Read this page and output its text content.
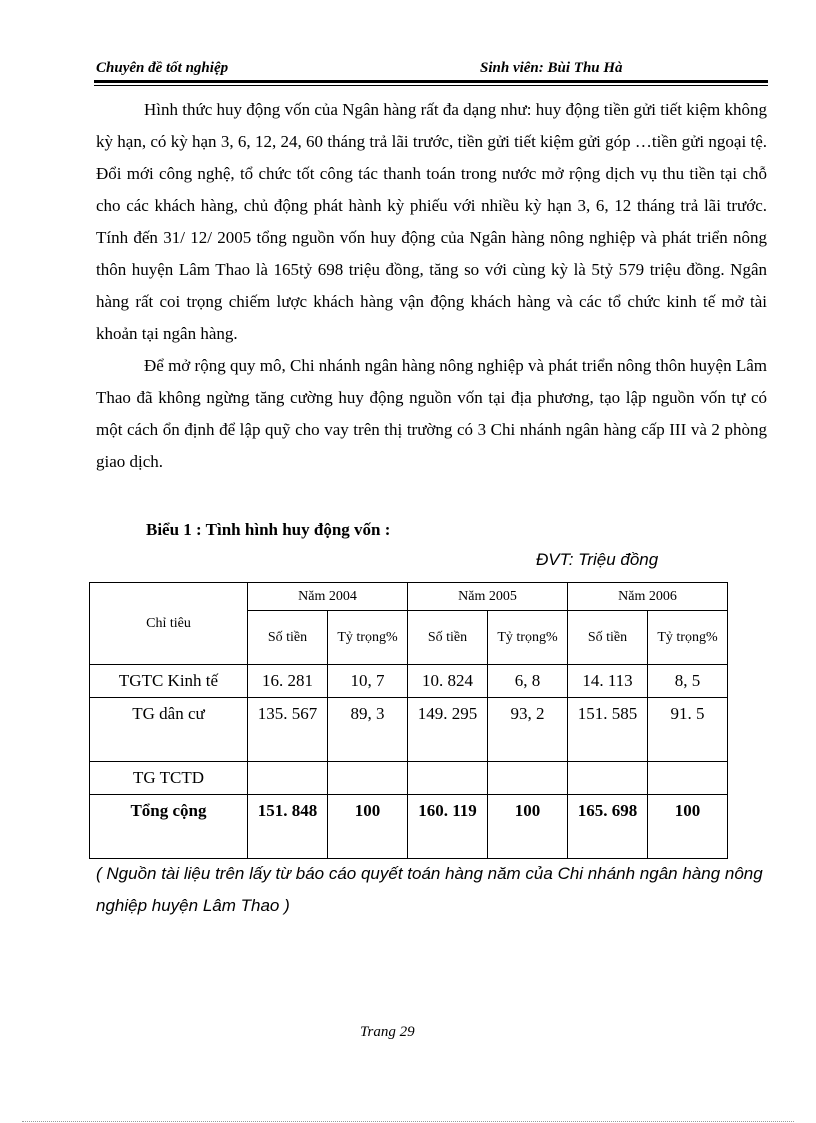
Chuyên đề tốt nghiệp	Sinh viên: Bùi Thu Hà

Hình thức huy động vốn của Ngân hàng rất đa dạng như: huy động tiền gửi tiết kiệm không kỳ hạn, có kỳ hạn 3, 6, 12, 24, 60 tháng trả lãi trước, tiền gửi tiết kiệm gửi góp …tiền gửi ngoại tệ. Đổi mới công nghệ, tổ chức tốt công tác thanh toán trong nước mở rộng dịch vụ thu tiền tại chỗ cho các khách hàng, chủ động phát hành kỳ phiếu với nhiều kỳ hạn 3, 6, 12 tháng trả lãi trước. Tính đến 31/ 12/ 2005 tổng nguồn vốn huy động của Ngân hàng nông nghiệp và phát triển nông thôn huyện Lâm Thao là 165tỷ 698 triệu đồng, tăng so với cùng kỳ là 5tỷ 579 triệu đồng. Ngân hàng rất coi trọng chiếm lược khách hàng vận động khách hàng và các tổ chức kinh tế mở tài khoản tại ngân hàng.

Để mở rộng quy mô, Chi nhánh ngân hàng nông nghiệp và phát triển nông thôn huyện Lâm Thao đã không ngừng tăng cường huy động nguồn vốn tại địa phương, tạo lập nguồn vốn tự có một cách ổn định để lập quỹ cho vay trên thị trường có 3 Chi nhánh ngân hàng cấp III và 2 phòng giao dịch.

Biểu 1 : Tình hình huy động vốn :
ĐVT: Triệu đồng
Chỉ tiêu	Năm 2004		Năm 2005		Năm 2006	
	Số tiền	Tỷ trọng%	Số tiền	Tỷ trọng%	Số tiền	Tỷ trọng%
TGTC Kinh tế	16. 281	10, 7	10. 824	6, 8	14. 113	8, 5
TG dân cư	135. 567	89, 3	149. 295	93, 2	151. 585	91. 5
TG TCTD						
Tổng cộng	151. 848	100	160. 119	100	165. 698	100
( Nguồn tài liệu trên lấy từ báo cáo quyết toán hàng năm của Chi nhánh ngân hàng nông nghiệp huyện Lâm Thao )
Trang 29
